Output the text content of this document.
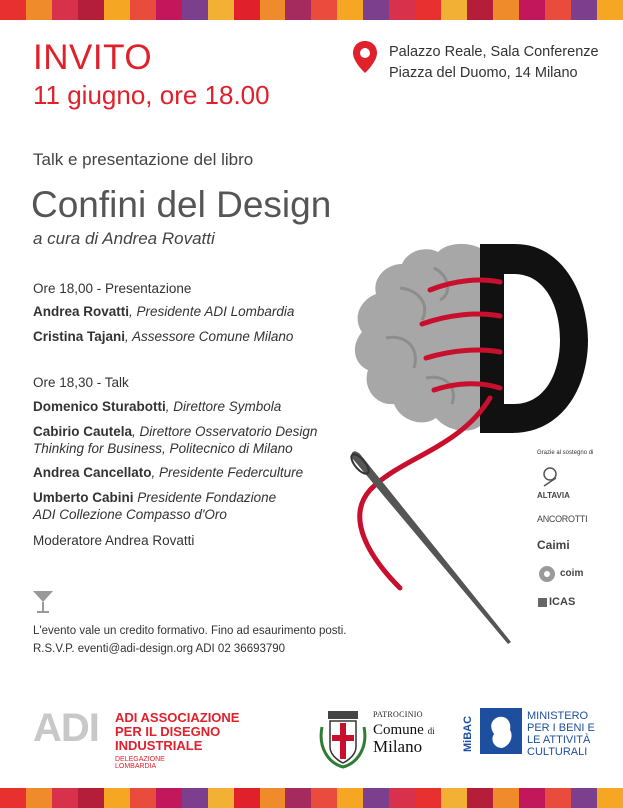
INVITO
11 giugno, ore 18.00
Palazzo Reale, Sala Conferenze
Piazza del Duomo, 14 Milano
Talk e presentazione del libro
Confini del Design
a cura di Andrea Rovatti
Ore 18,00 - Presentazione
Andrea Rovatti, Presidente ADI Lombardia
Cristina Tajani, Assessore Comune Milano
Ore 18,30 - Talk
Domenico Sturabotti, Direttore Symbola
Cabirio Cautela, Direttore Osservatorio Design
Thinking for Business, Politecnico di Milano
Andrea Cancellato, Presidente Federculture
Umberto Cabini Presidente Fondazione
ADI Collezione Compasso d'Oro
Moderatore Andrea Rovatti
L'evento vale un credito formativo. Fino ad esaurimento posti.
R.S.V.P. eventi@adi-design.org ADI 02 36693790
Grazie al sostegno di
ALTAVIA
ANCOROTTI
Caimi
coim
ICAS
ADI ADI ASSOCIAZIONE
PER IL DISEGNO
INDUSTRIALE
DELEGAZIONE
LOMBARDIA
PATROCINIO
Comune di
Milano	MiBAC	MINISTERO
PER I BENI E
LE ATTIVITÀ
CULTURALI
